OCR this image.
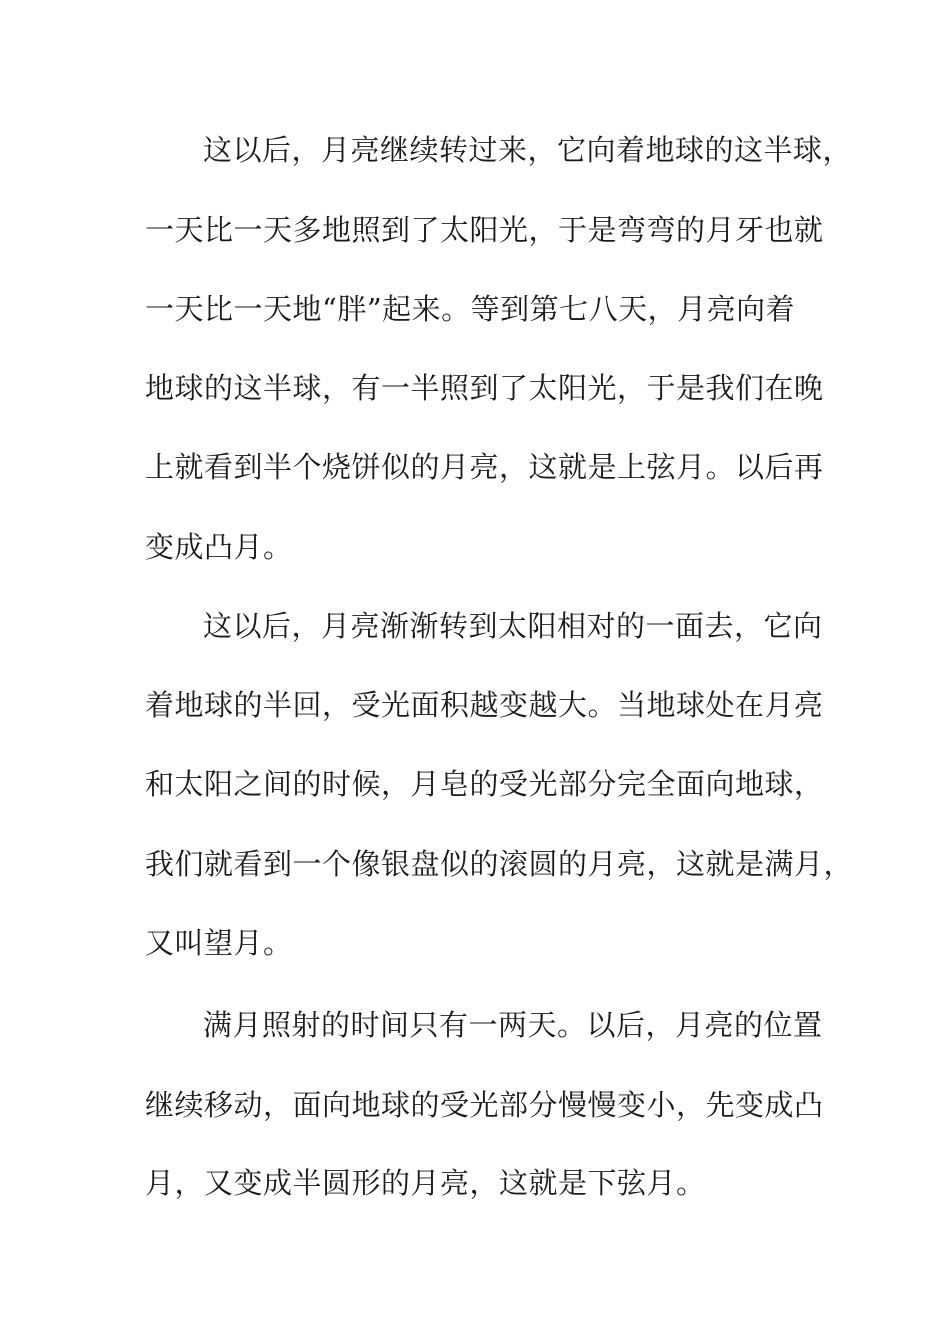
这以后，月亮继续转过来，它向着地球的这半球，

一天比一天多地照到了太阳光，于是弯弯的月牙也就

一天比一天地“胖”起来。等到第七八天，月亮向着

地球的这半球，有一半照到了太阳光，于是我们在晚

上就看到半个烧饼似的月亮，这就是上弦月。以后再

变成凸月。

这以后，月亮渐渐转到太阳相对的一面去，它向

着地球的半回，受光面积越变越大。当地球处在月亮

和太阳之间的时候，月皂的受光部分完全面向地球，

我们就看到一个像银盘似的滚圆的月亮，这就是满月，

又叫望月。

满月照射的时间只有一两天。以后，月亮的位置

继续移动，面向地球的受光部分慢慢变小，先变成凸

月，又变成半圆形的月亮，这就是下弦月。
